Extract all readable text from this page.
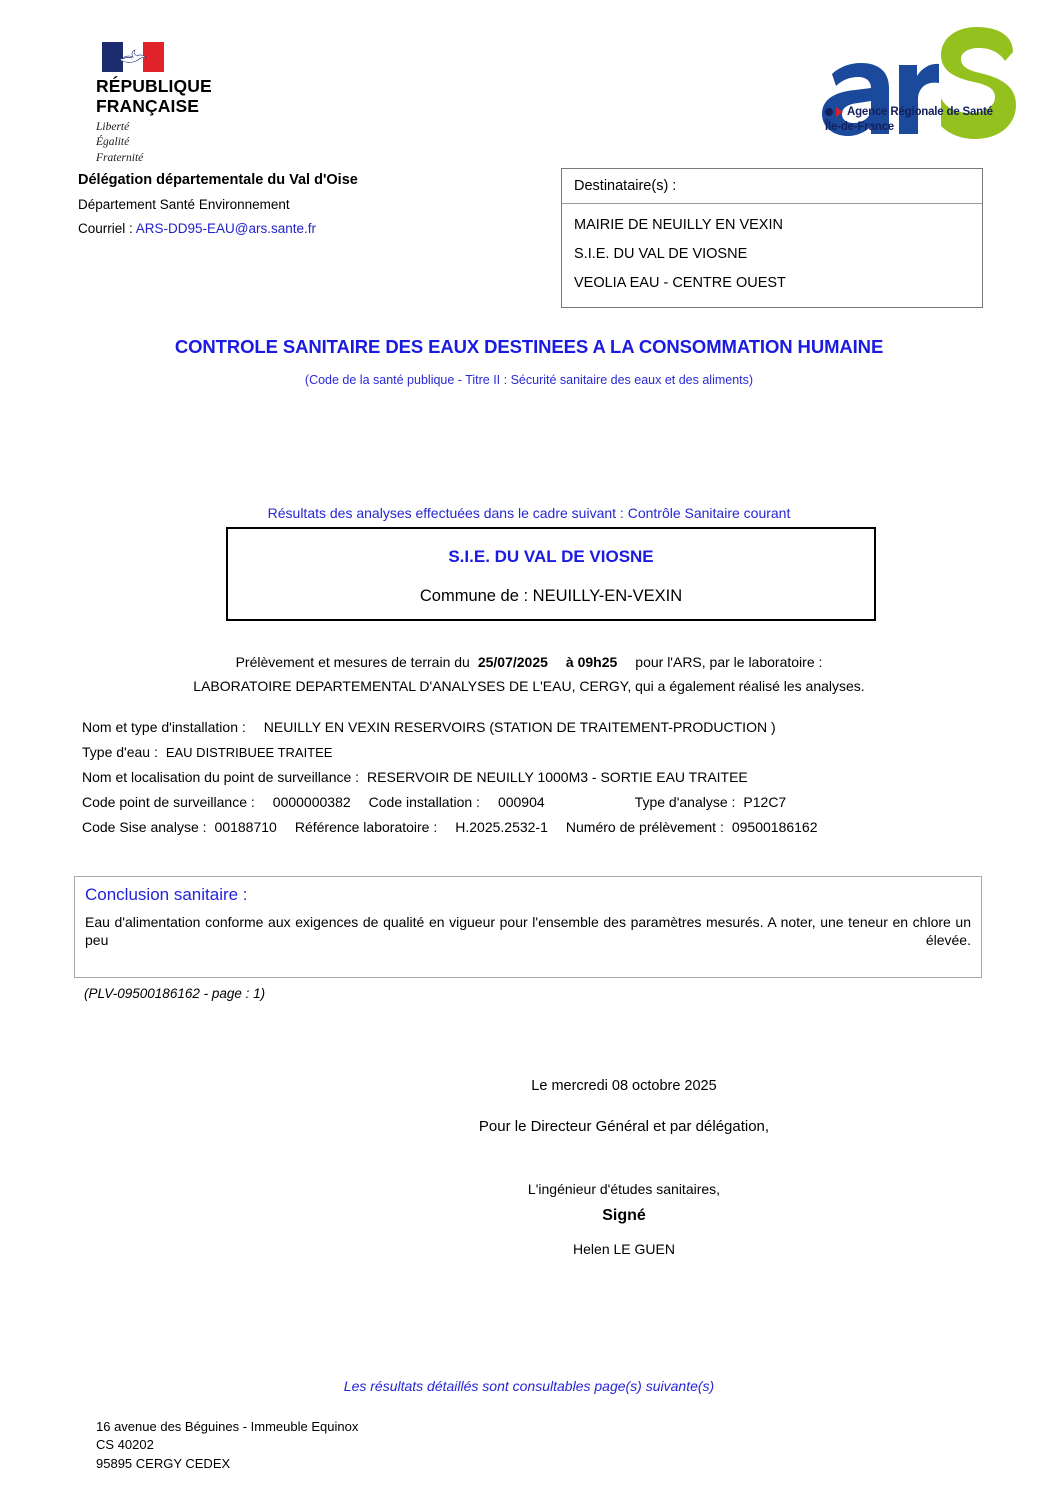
RÉPUBLIQUE
FRANÇAISE
Liberté
Égalité
Fraternité
Agence Régionale de Santé
Île-de-France
Délégation départementale du Val d'Oise
Département Santé Environnement
Courriel : ARS-DD95-EAU@ars.sante.fr
Destinataire(s) :
MAIRIE DE NEUILLY EN VEXIN
S.I.E. DU VAL DE VIOSNE
VEOLIA EAU - CENTRE OUEST
CONTROLE SANITAIRE DES EAUX DESTINEES A LA CONSOMMATION HUMAINE
(Code de la santé publique - Titre II : Sécurité sanitaire des eaux et des aliments)
Résultats des analyses effectuées dans le cadre suivant : Contrôle Sanitaire courant
S.I.E. DU VAL DE VIOSNE
Commune de : NEUILLY-EN-VEXIN
Prélèvement et mesures de terrain du 25/07/2025 à 09h25 pour l'ARS, par le laboratoire :
LABORATOIRE DEPARTEMENTAL D'ANALYSES DE L'EAU, CERGY, qui a également réalisé les analyses.
Nom et type d'installation : NEUILLY EN VEXIN RESERVOIRS (STATION DE TRAITEMENT-PRODUCTION )
Type d'eau : EAU DISTRIBUEE TRAITEE
Nom et localisation du point de surveillance : RESERVOIR DE NEUILLY 1000M3 - SORTIE EAU TRAITEE
Code point de surveillance : 0000000382 Code installation : 000904	Type d'analyse : P12C7
Code Sise analyse : 00188710 Référence laboratoire : H.2025.2532-1 Numéro de prélèvement : 09500186162
Conclusion sanitaire :
Eau d'alimentation conforme aux exigences de qualité en vigueur pour l'ensemble des paramètres mesurés. A noter, une teneur en chlore un peu élevée.
(PLV-09500186162 - page : 1)
Le mercredi 08 octobre 2025
Pour le Directeur Général et par délégation,
L'ingénieur d'études sanitaires,
Signé
Helen LE GUEN
Les résultats détaillés sont consultables page(s) suivante(s)
16 avenue des Béguines - Immeuble Equinox
CS 40202
95895 CERGY CEDEX
